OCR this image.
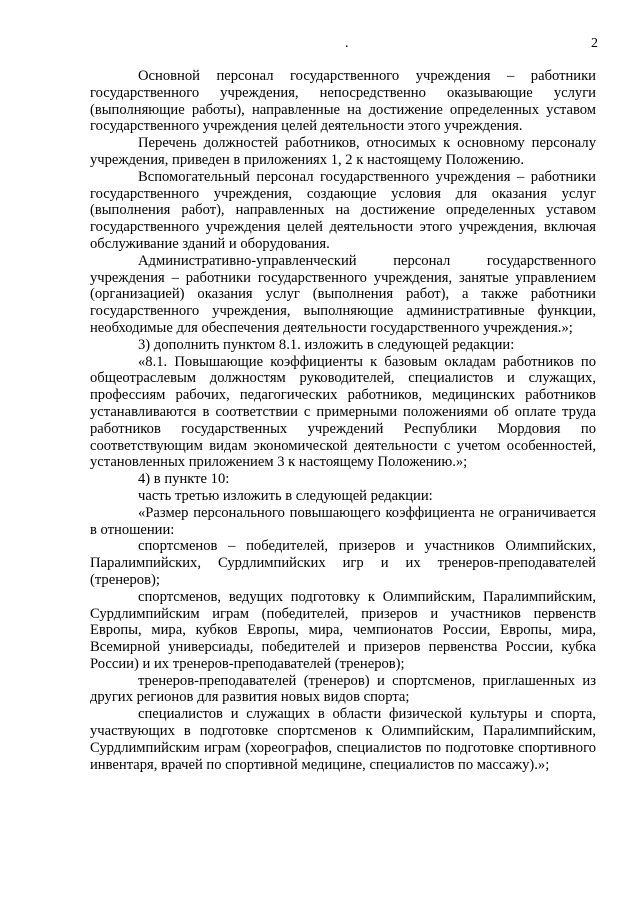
.	2

Основной персонал государственного учреждения – работники государственного учреждения, непосредственно оказывающие услуги (выполняющие работы), направленные на достижение определенных уставом государственного учреждения целей деятельности этого учреждения.

Перечень должностей работников, относимых к основному персоналу учреждения, приведен в приложениях 1, 2 к настоящему Положению.

Вспомогательный персонал государственного учреждения – работники государственного учреждения, создающие условия для оказания услуг (выполнения работ), направленных на достижение определенных уставом государственного учреждения целей деятельности этого учреждения, включая обслуживание зданий и оборудования.

Административно-управленческий персонал государственного учреждения – работники государственного учреждения, занятые управлением (организацией) оказания услуг (выполнения работ), а также работники государственного учреждения, выполняющие административные функции, необходимые для обеспечения деятельности государственного учреждения.»;

3) дополнить пунктом 8.1. изложить в следующей редакции:

«8.1. Повышающие коэффициенты к базовым окладам работников по общеотраслевым должностям руководителей, специалистов и служащих, профессиям рабочих, педагогических работников, медицинских работников устанавливаются в соответствии с примерными положениями об оплате труда работников государственных учреждений Республики Мордовия по соответствующим видам экономической деятельности с учетом особенностей, установленных приложением 3 к настоящему Положению.»;

4) в пункте 10:

часть третью изложить в следующей редакции:

«Размер персонального повышающего коэффициента не ограничивается в отношении:

спортсменов – победителей, призеров и участников Олимпийских, Паралимпийских, Сурдлимпийских игр и их тренеров-преподавателей (тренеров);

спортсменов, ведущих подготовку к Олимпийским, Паралимпийским, Сурдлимпийским играм (победителей, призеров и участников первенств Европы, мира, кубков Европы, мира, чемпионатов России, Европы, мира, Всемирной универсиады, победителей и призеров первенства России, кубка России) и их тренеров-преподавателей (тренеров);

тренеров-преподавателей (тренеров) и спортсменов, приглашенных из других регионов для развития новых видов спорта;

специалистов и служащих в области физической культуры и спорта, участвующих в подготовке спортсменов к Олимпийским, Паралимпийским, Сурдлимпийским играм (хореографов, специалистов по подготовке спортивного инвентаря, врачей по спортивной медицине, специалистов по массажу).»;
